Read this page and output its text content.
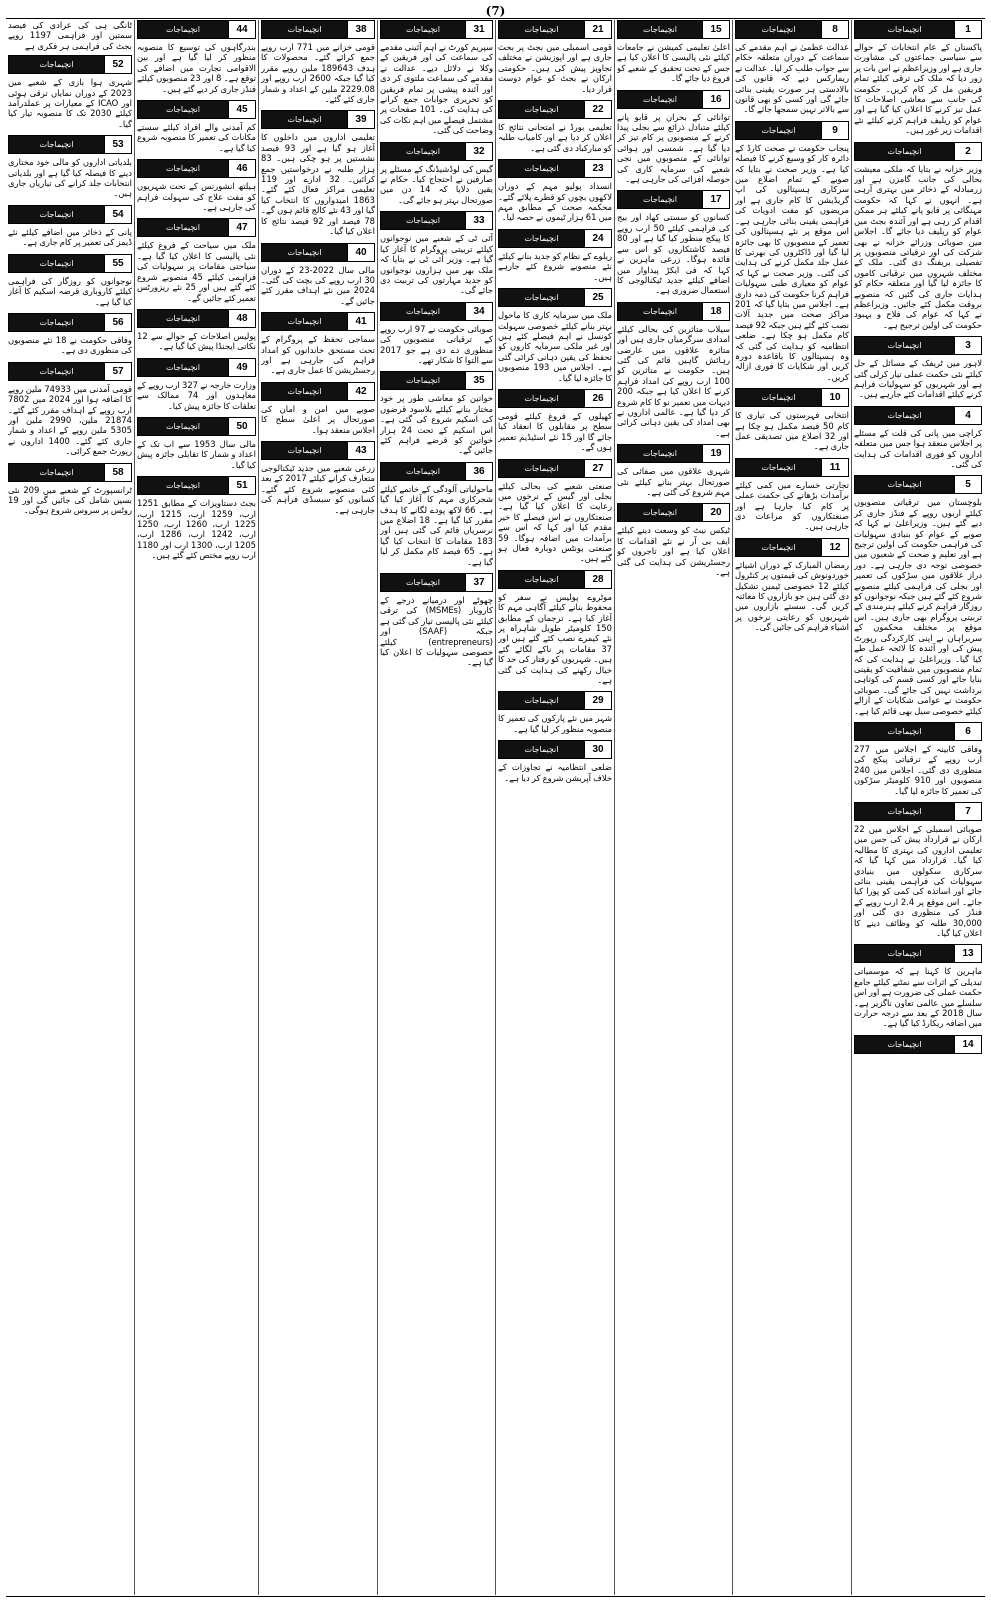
(7)
1
انچیماجات
پاکستان کے عام انتخابات کے حوالے سے سیاسی جماعتوں کی مشاورت جاری ہے اور وزیراعظم نے اس بات پر زور دیا کہ ملک کی ترقی کیلئے تمام فریقین مل کر کام کریں۔ حکومت کی جانب سے معاشی اصلاحات کا عمل تیز کرنے کا اعلان کیا گیا ہے اور عوام کو ریلیف فراہم کرنے کیلئے نئے اقدامات زیر غور ہیں۔
2
انچیماجات
وزیر خزانہ نے بتایا کہ ملکی معیشت بحالی کی جانب گامزن ہے اور زرمبادلہ کے ذخائر میں بہتری آرہی ہے۔ انہوں نے کہا کہ حکومت مہنگائی پر قابو پانے کیلئے ہر ممکن اقدام کر رہی ہے اور آئندہ بجٹ میں عوام کو ریلیف دیا جائے گا۔ اجلاس میں صوبائی وزرائے خزانہ نے بھی شرکت کی اور ترقیاتی منصوبوں پر تفصیلی بریفنگ دی گئی۔ ملک کے مختلف شہروں میں ترقیاتی کاموں کا جائزہ لیا گیا اور متعلقہ حکام کو ہدایات جاری کی گئیں کہ منصوبے بروقت مکمل کئے جائیں۔ وزیراعظم نے کہا کہ عوام کی فلاح و بہبود حکومت کی اولین ترجیح ہے۔
3
انچیماجات
لاہور میں ٹریفک کے مسائل کے حل کیلئے نئی حکمت عملی تیار کرلی گئی ہے اور شہریوں کو سہولیات فراہم کرنے کیلئے اقدامات کئے جارہے ہیں۔
4
انچیماجات
کراچی میں پانی کی قلت کے مسئلے پر اجلاس منعقد ہوا جس میں متعلقہ اداروں کو فوری اقدامات کی ہدایت کی گئی۔
5
انچیماجات
بلوچستان میں ترقیاتی منصوبوں کیلئے اربوں روپے کے فنڈز جاری کر دیے گئے ہیں۔ وزیراعلیٰ نے کہا کہ صوبے کے عوام کو بنیادی سہولیات کی فراہمی حکومت کی اولین ترجیح ہے اور تعلیم و صحت کے شعبوں میں خصوصی توجہ دی جارہی ہے۔ دور دراز علاقوں میں سڑکوں کی تعمیر اور بجلی کی فراہمی کیلئے منصوبے شروع کئے گئے ہیں جبکہ نوجوانوں کو روزگار فراہم کرنے کیلئے ہنرمندی کے تربیتی پروگرام بھی جاری ہیں۔ اس موقع پر مختلف محکموں کے سربراہان نے اپنی کارکردگی رپورٹ پیش کی اور آئندہ کا لائحہ عمل طے کیا گیا۔ وزیراعلیٰ نے ہدایت کی کہ تمام منصوبوں میں شفافیت کو یقینی بنایا جائے اور کسی قسم کی کوتاہی برداشت نہیں کی جائے گی۔ صوبائی حکومت نے عوامی شکایات کے ازالے کیلئے خصوصی سیل بھی قائم کیا ہے۔
6
انچیماجات
وفاقی کابینہ کے اجلاس میں 277 ارب روپے کے ترقیاتی پیکج کی منظوری دی گئی۔ اجلاس میں 240 منصوبوں اور 910 کلومیٹر سڑکوں کی تعمیر کا جائزہ لیا گیا۔
7
انچیماجات
صوبائی اسمبلی کے اجلاس میں 22 ارکان نے قرارداد پیش کی جس میں تعلیمی اداروں کی بہتری کا مطالبہ کیا گیا۔ قرارداد میں کہا گیا کہ سرکاری سکولوں میں بنیادی سہولیات کی فراہمی یقینی بنائی جائے اور اساتذہ کی کمی کو پورا کیا جائے۔ اس موقع پر 2.4 ارب روپے کے فنڈز کی منظوری دی گئی اور 30,000 طلبہ کو وظائف دینے کا اعلان کیا گیا۔
13
انچیماجات
ماہرین کا کہنا ہے کہ موسمیاتی تبدیلی کے اثرات سے نمٹنے کیلئے جامع حکمت عملی کی ضرورت ہے اور اس سلسلے میں عالمی تعاون ناگزیر ہے۔ سال 2018 کے بعد سے درجہ حرارت میں اضافہ ریکارڈ کیا گیا ہے۔
14
انچیماجات
8
انچیماجات
عدالت عظمیٰ نے اہم مقدمے کی سماعت کے دوران متعلقہ حکام سے جواب طلب کر لیا۔ عدالت نے ریمارکس دیے کہ قانون کی بالادستی ہر صورت یقینی بنائی جائے گی اور کسی کو بھی قانون سے بالاتر نہیں سمجھا جائے گا۔
9
انچیماجات
پنجاب حکومت نے صحت کارڈ کے دائرہ کار کو وسیع کرنے کا فیصلہ کیا ہے۔ وزیر صحت نے بتایا کہ صوبے کے تمام اضلاع میں سرکاری ہسپتالوں کی اپ گریڈیشن کا کام جاری ہے اور مریضوں کو مفت ادویات کی فراہمی یقینی بنائی جارہی ہے۔ اس موقع پر نئے ہسپتالوں کی تعمیر کے منصوبوں کا بھی جائزہ لیا گیا اور ڈاکٹروں کی بھرتی کا عمل جلد مکمل کرنے کی ہدایت کی گئی۔ وزیر صحت نے کہا کہ عوام کو معیاری طبی سہولیات فراہم کرنا حکومت کی ذمہ داری ہے۔ اجلاس میں بتایا گیا کہ 201 مراکز صحت میں جدید آلات نصب کئے گئے ہیں جبکہ 92 فیصد کام مکمل ہو چکا ہے۔ ضلعی انتظامیہ کو ہدایت کی گئی کہ وہ ہسپتالوں کا باقاعدہ دورہ کریں اور شکایات کا فوری ازالہ کریں۔
10
انچیماجات
انتخابی فہرستوں کی تیاری کا کام 50 فیصد مکمل ہو چکا ہے اور 32 اضلاع میں تصدیقی عمل جاری ہے۔
11
انچیماجات
تجارتی خسارے میں کمی کیلئے برآمدات بڑھانے کی حکمت عملی پر کام کیا جارہا ہے اور صنعتکاروں کو مراعات دی جارہی ہیں۔
12
انچیماجات
رمضان المبارک کے دوران اشیائے خوردونوش کی قیمتوں پر کنٹرول کیلئے 12 خصوصی ٹیمیں تشکیل دی گئی ہیں جو بازاروں کا معائنہ کریں گی۔ سستے بازاروں میں شہریوں کو رعایتی نرخوں پر اشیاء فراہم کی جائیں گی۔
15
انچیماجات
اعلیٰ تعلیمی کمیشن نے جامعات کیلئے نئی پالیسی کا اعلان کیا ہے جس کے تحت تحقیق کے شعبے کو فروغ دیا جائے گا۔
16
انچیماجات
توانائی کے بحران پر قابو پانے کیلئے متبادل ذرائع سے بجلی پیدا کرنے کے منصوبوں پر کام تیز کر دیا گیا ہے۔ شمسی اور ہوائی توانائی کے منصوبوں میں نجی شعبے کی سرمایہ کاری کی حوصلہ افزائی کی جارہی ہے۔
17
انچیماجات
کسانوں کو سستی کھاد اور بیج کی فراہمی کیلئے 50 ارب روپے کا پیکج منظور کیا گیا ہے اور 80 فیصد کاشتکاروں کو اس سے فائدہ ہوگا۔ زرعی ماہرین نے کہا کہ فی ایکڑ پیداوار میں اضافے کیلئے جدید ٹیکنالوجی کا استعمال ضروری ہے۔
18
انچیماجات
سیلاب متاثرین کی بحالی کیلئے امدادی سرگرمیاں جاری ہیں اور متاثرہ علاقوں میں عارضی رہائش گاہیں قائم کی گئی ہیں۔ حکومت نے متاثرین کو 100 ارب روپے کی امداد فراہم کرنے کا اعلان کیا ہے جبکہ 200 دیہات میں تعمیر نو کا کام شروع کر دیا گیا ہے۔ عالمی اداروں نے بھی امداد کی یقین دہانی کرائی ہے۔
19
انچیماجات
شہری علاقوں میں صفائی کی صورتحال بہتر بنانے کیلئے نئی مہم شروع کی گئی ہے۔
20
انچیماجات
ٹیکس نیٹ کو وسعت دینے کیلئے ایف بی آر نے نئے اقدامات کا اعلان کیا ہے اور تاجروں کو رجسٹریشن کی ہدایت کی گئی ہے۔
21
انچیماجات
قومی اسمبلی میں بجٹ پر بحث جاری ہے اور اپوزیشن نے مختلف تجاویز پیش کی ہیں۔ حکومتی ارکان نے بجٹ کو عوام دوست قرار دیا۔
22
انچیماجات
تعلیمی بورڈ نے امتحانی نتائج کا اعلان کر دیا ہے اور کامیاب طلبہ کو مبارکباد دی گئی ہے۔
23
انچیماجات
انسداد پولیو مہم کے دوران لاکھوں بچوں کو قطرے پلائے گئے۔ محکمہ صحت کے مطابق مہم میں 61 ہزار ٹیموں نے حصہ لیا۔
24
انچیماجات
ریلوے کے نظام کو جدید بنانے کیلئے نئے منصوبے شروع کئے جارہے ہیں۔
25
انچیماجات
ملک میں سرمایہ کاری کا ماحول بہتر بنانے کیلئے خصوصی سہولت کونسل نے اہم فیصلے کئے ہیں اور غیر ملکی سرمایہ کاروں کو تحفظ کی یقین دہانی کرائی گئی ہے۔ اجلاس میں 193 منصوبوں کا جائزہ لیا گیا۔
26
انچیماجات
کھیلوں کے فروغ کیلئے قومی سطح پر مقابلوں کا انعقاد کیا جائے گا اور 15 نئے اسٹیڈیم تعمیر ہوں گے۔
27
انچیماجات
صنعتی شعبے کی بحالی کیلئے بجلی اور گیس کے نرخوں میں رعایت کا اعلان کیا گیا ہے۔ صنعتکاروں نے اس فیصلے کا خیر مقدم کیا اور کہا کہ اس سے برآمدات میں اضافہ ہوگا۔ 59 صنعتی یونٹس دوبارہ فعال ہو گئے ہیں۔
28
انچیماجات
موٹروے پولیس نے سفر کو محفوظ بنانے کیلئے آگاہی مہم کا آغاز کیا ہے۔ ترجمان کے مطابق 150 کلومیٹر طویل شاہراہ پر نئے کیمرے نصب کئے گئے ہیں اور 37 مقامات پر ناکے لگائے گئے ہیں۔ شہریوں کو رفتار کی حد کا خیال رکھنے کی ہدایت کی گئی ہے۔
29
انچیماجات
شہر میں نئے پارکوں کی تعمیر کا منصوبہ منظور کر لیا گیا ہے۔
30
انچیماجات
ضلعی انتظامیہ نے تجاوزات کے خلاف آپریشن شروع کر دیا ہے۔
31
انچیماجات
سپریم کورٹ نے اہم آئینی مقدمے کی سماعت کی اور فریقین کے وکلا نے دلائل دیے۔ عدالت نے مقدمے کی سماعت ملتوی کر دی اور آئندہ پیشی پر تمام فریقین کو تحریری جوابات جمع کرانے کی ہدایت کی۔ 101 صفحات پر مشتمل فیصلے میں اہم نکات کی وضاحت کی گئی۔
32
انچیماجات
گیس کی لوڈشیڈنگ کے مسئلے پر صارفین نے احتجاج کیا۔ حکام نے یقین دلایا کہ 14 دن میں صورتحال بہتر ہو جائے گی۔
33
انچیماجات
آئی ٹی کے شعبے میں نوجوانوں کیلئے تربیتی پروگرام کا آغاز کیا گیا ہے۔ وزیر آئی ٹی نے بتایا کہ ملک بھر میں ہزاروں نوجوانوں کو جدید مہارتوں کی تربیت دی جائے گی۔
34
انچیماجات
صوبائی حکومت نے 97 ارب روپے کے ترقیاتی منصوبوں کی منظوری دے دی ہے جو 2017 سے التوا کا شکار تھے۔
35
انچیماجات
خواتین کو معاشی طور پر خود مختار بنانے کیلئے بلاسود قرضوں کی اسکیم شروع کی گئی ہے۔ اس اسکیم کے تحت 24 ہزار خواتین کو قرضے فراہم کئے جائیں گے۔
36
انچیماجات
ماحولیاتی آلودگی کے خاتمے کیلئے شجرکاری مہم کا آغاز کیا گیا ہے۔ 66 لاکھ پودے لگانے کا ہدف مقرر کیا گیا ہے۔ 18 اضلاع میں نرسریاں قائم کی گئی ہیں اور 183 مقامات کا انتخاب کیا گیا ہے۔ 65 فیصد کام مکمل کر لیا گیا ہے۔
37
انچیماجات
چھوٹے اور درمیانے درجے کے کاروبار (MSMEs) کی ترقی کیلئے نئی پالیسی تیار کی گئی ہے جبکہ (SAAF) اور (entrepreneurs) کیلئے خصوصی سہولیات کا اعلان کیا گیا ہے۔
38
انچیماجات
قومی خزانے میں 771 ارب روپے جمع کرائے گئے۔ محصولات کا ہدف 189643 ملین روپے مقرر کیا گیا جبکہ 2600 ارب روپے اور 2229.08 ملین کے اعداد و شمار جاری کئے گئے۔
39
انچیماجات
تعلیمی اداروں میں داخلوں کا آغاز ہو گیا ہے اور 93 فیصد نشستیں پر ہو چکی ہیں۔ 83 ہزار طلبہ نے درخواستیں جمع کرائیں۔ 32 ادارے اور 119 تعلیمی مراکز فعال کئے گئے۔ 1863 امیدواروں کا انتخاب کیا گیا اور 43 نئے کالج قائم ہوں گے۔ 78 فیصد اور 92 فیصد نتائج کا اعلان کیا گیا۔
40
انچیماجات
مالی سال 2022-23 کے دوران 30 ارب روپے کی بچت کی گئی۔ 2024 میں نئے اہداف مقرر کئے جائیں گے۔
41
انچیماجات
سماجی تحفظ کے پروگرام کے تحت مستحق خاندانوں کو امداد فراہم کی جارہی ہے اور رجسٹریشن کا عمل جاری ہے۔
42
انچیماجات
صوبے میں امن و امان کی صورتحال پر اعلیٰ سطح کا اجلاس منعقد ہوا۔
43
انچیماجات
زرعی شعبے میں جدید ٹیکنالوجی متعارف کرانے کیلئے 2017 کے بعد کئی منصوبے شروع کئے گئے۔ کسانوں کو سبسڈی فراہم کی جارہی ہے۔
44
انچیماجات
بندرگاہوں کی توسیع کا منصوبہ منظور کر لیا گیا ہے اور بین الاقوامی تجارت میں اضافے کی توقع ہے۔ 8 اور 23 منصوبوں کیلئے فنڈز جاری کر دیے گئے ہیں۔
45
انچیماجات
کم آمدنی والے افراد کیلئے سستے مکانات کی تعمیر کا منصوبہ شروع کیا گیا ہے۔
46
انچیماجات
ہیلتھ انشورنس کے تحت شہریوں کو مفت علاج کی سہولت فراہم کی جارہی ہے۔
47
انچیماجات
ملک میں سیاحت کے فروغ کیلئے نئی پالیسی کا اعلان کیا گیا ہے۔ سیاحتی مقامات پر سہولیات کی فراہمی کیلئے 45 منصوبے شروع کئے گئے ہیں اور 25 نئے ریزورٹس تعمیر کئے جائیں گے۔
48
انچیماجات
پولیس اصلاحات کے حوالے سے 12 نکاتی ایجنڈا پیش کیا گیا ہے۔
49
انچیماجات
وزارت خارجہ نے 327 ارب روپے کے معاہدوں اور 74 ممالک سے تعلقات کا جائزہ پیش کیا۔
50
انچیماجات
مالی سال 1953 سے اب تک کے اعداد و شمار کا تقابلی جائزہ پیش کیا گیا۔
51
انچیماجات
بجٹ دستاویزات کے مطابق 1251 ارب، 1259 ارب، 1215 ارب، 1225 ارب، 1260 ارب، 1250 ارب، 1242 ارب، 1286 ارب، 1205 ارب، 1300 ارب اور 1180 ارب روپے مختص کئے گئے ہیں۔
ٹانگی ہی کی عرادی کی فیصد سمتیں اور فراہمی 1197 روپے بجٹ کی فراہمی ہر فکری ہے
52
انچیماجات
شہری ہوا بازی کے شعبے میں 2023 کے دوران نمایاں ترقی ہوئی اور ICAO کے معیارات پر عملدرآمد کیلئے 2030 تک کا منصوبہ تیار کیا گیا۔
53
انچیماجات
بلدیاتی اداروں کو مالی خود مختاری دینے کا فیصلہ کیا گیا ہے اور بلدیاتی انتخابات جلد کرانے کی تیاریاں جاری ہیں۔
54
انچیماجات
پانی کے ذخائر میں اضافے کیلئے نئے ڈیمز کی تعمیر پر کام جاری ہے۔
55
انچیماجات
نوجوانوں کو روزگار کی فراہمی کیلئے کاروباری قرضہ اسکیم کا آغاز کیا گیا ہے۔
56
انچیماجات
وفاقی حکومت نے 18 نئے منصوبوں کی منظوری دی ہے۔
57
انچیماجات
قومی آمدنی میں 74933 ملین روپے کا اضافہ ہوا اور 2024 میں 7802 ارب روپے کے اہداف مقرر کئے گئے۔ 21874 ملین، 2990 ملین اور 5305 ملین روپے کے اعداد و شمار جاری کئے گئے۔ 1400 اداروں نے رپورٹ جمع کرائی۔
58
انچیماجات
ٹرانسپورٹ کے شعبے میں 209 نئی بسیں شامل کی جائیں گی اور 19 روٹس پر سروس شروع ہوگی۔
